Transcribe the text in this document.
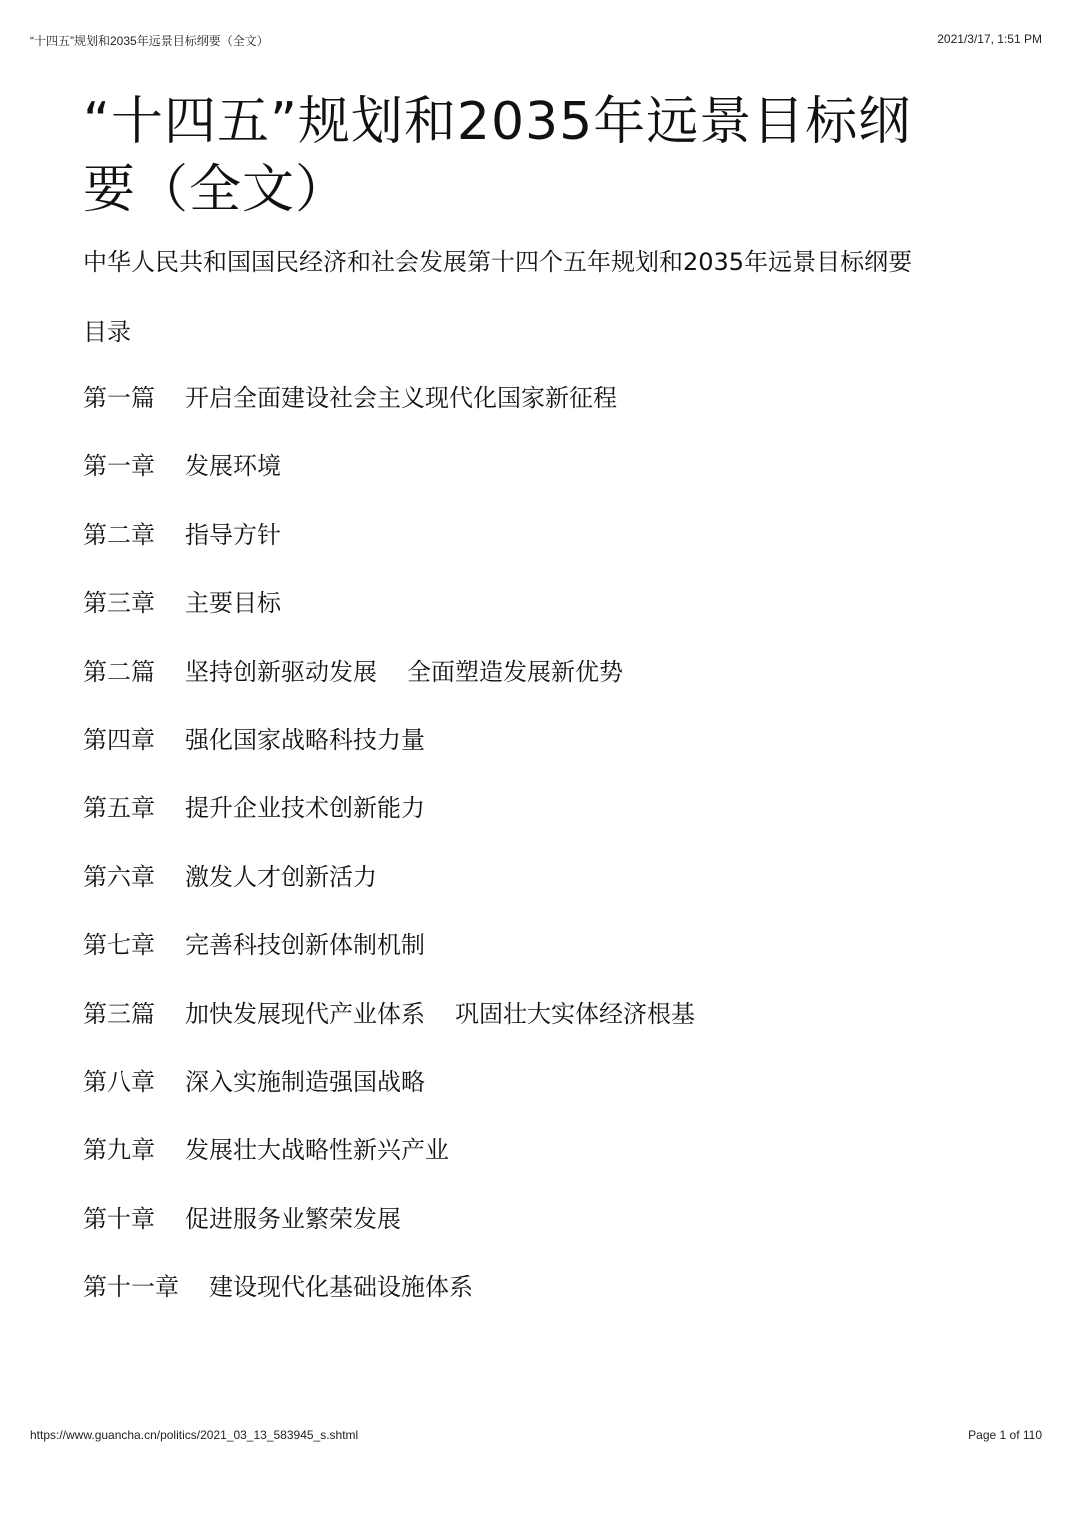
“十四五”规划和2035年远景目标纲要（全文）	2021/3/17, 1:51 PM
“十四五”规划和2035年远景目标纲
要（全文）

中华人民共和国国民经济和社会发展第十四个五年规划和2035年远景目标纲要

目录
第一篇 开启全面建设社会主义现代化国家新征程
第一章 发展环境
第二章 指导方针
第三章 主要目标
第二篇 坚持创新驱动发展 全面塑造发展新优势
第四章 强化国家战略科技力量
第五章 提升企业技术创新能力
第六章 激发人才创新活力
第七章 完善科技创新体制机制
第三篇 加快发展现代产业体系 巩固壮大实体经济根基
第八章 深入实施制造强国战略
第九章 发展壮大战略性新兴产业
第十章 促进服务业繁荣发展
第十一章 建设现代化基础设施体系
https://www.guancha.cn/politics/2021_03_13_583945_s.shtml	Page 1 of 110
